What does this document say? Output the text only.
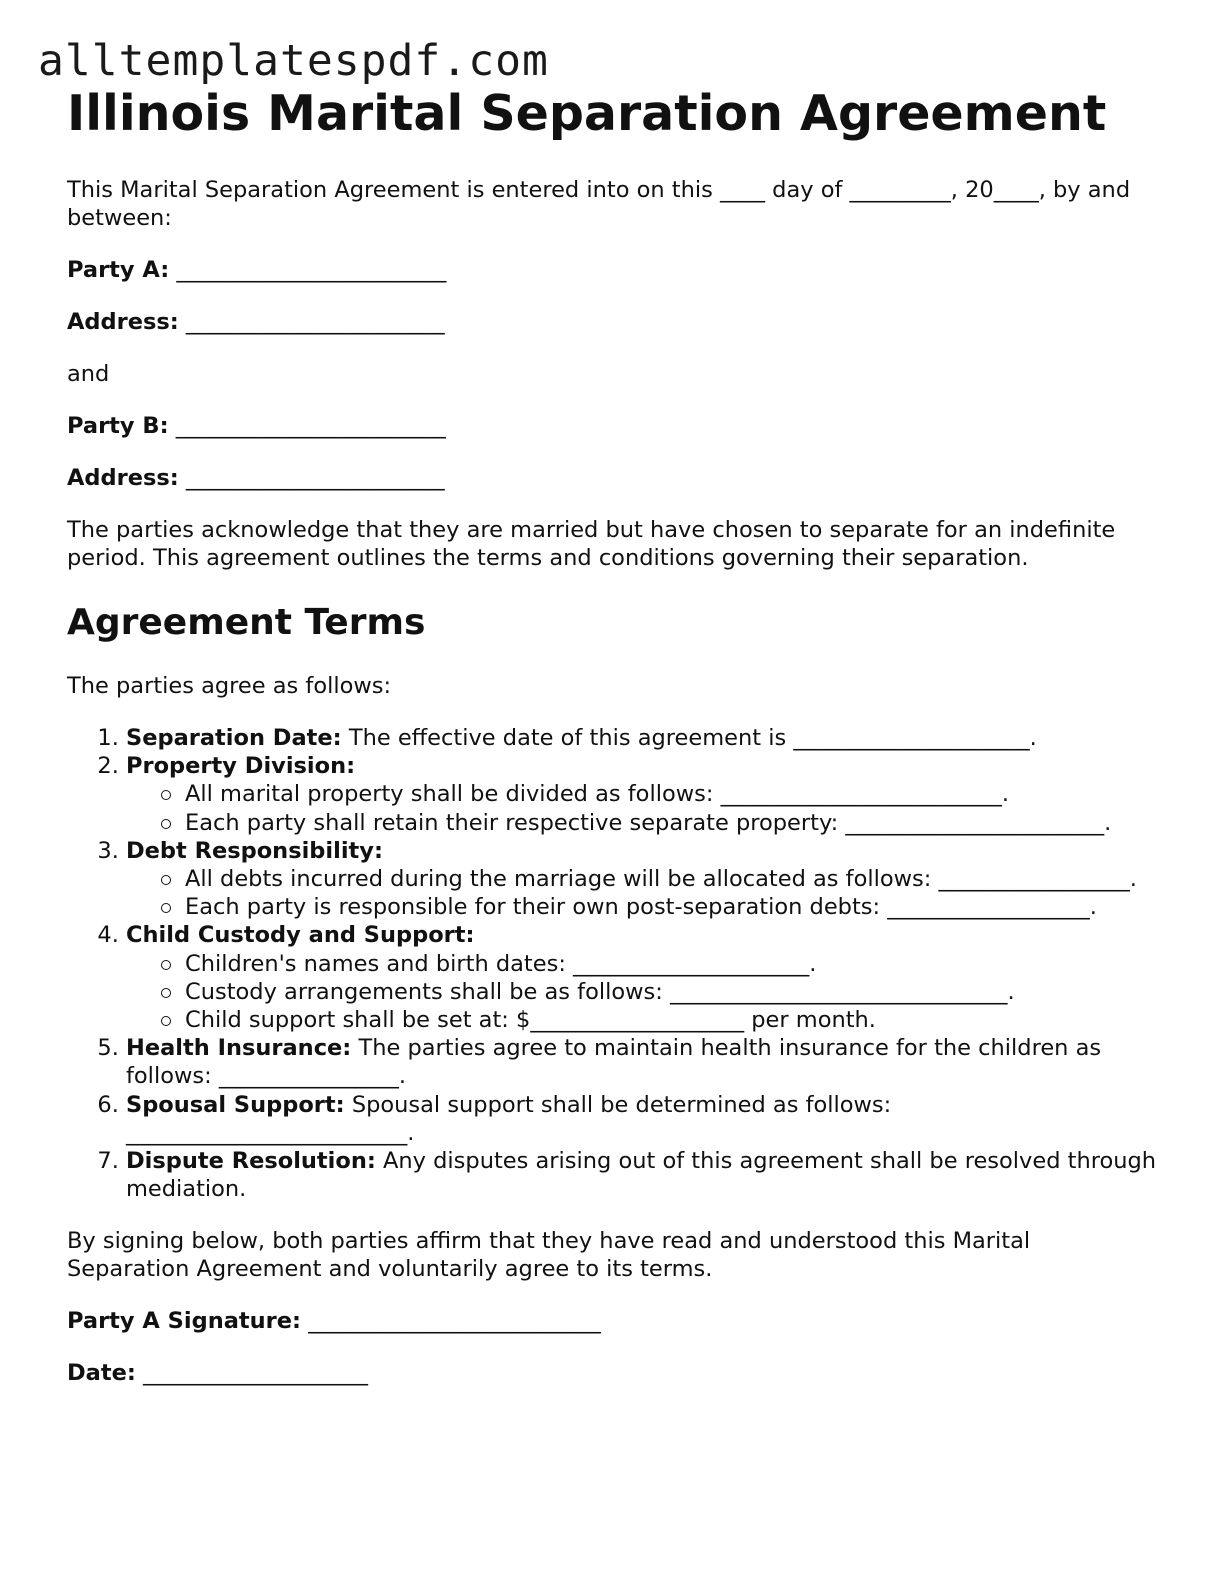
alltemplatespdf.com
Illinois Marital Separation Agreement

This Marital Separation Agreement is entered into on this ____ day of _________, 20____, by and between:

Party A: ________________________
Address: _______________________

and

Party B: ________________________
Address: _______________________

The parties acknowledge that they are married but have chosen to separate for an indefinite period. This agreement outlines the terms and conditions governing their separation.

Agreement Terms

The parties agree as follows:

1. Separation Date: The effective date of this agreement is _____________________.
2. Property Division:
All marital property shall be divided as follows: _________________________.
Each party shall retain their respective separate property: _______________________.
3. Debt Responsibility:
All debts incurred during the marriage will be allocated as follows: _________________.
Each party is responsible for their own post-separation debts: __________________.
4. Child Custody and Support:
Children's names and birth dates: _____________________.
Custody arrangements shall be as follows: ______________________________.
Child support shall be set at: $___________________ per month.
5. Health Insurance: The parties agree to maintain health insurance for the children as follows: ________________.
6. Spousal Support: Spousal support shall be determined as follows: _________________________.
7. Dispute Resolution: Any disputes arising out of this agreement shall be resolved through mediation.

By signing below, both parties affirm that they have read and understood this Marital Separation Agreement and voluntarily agree to its terms.

Party A Signature: __________________________
Date: ____________________
